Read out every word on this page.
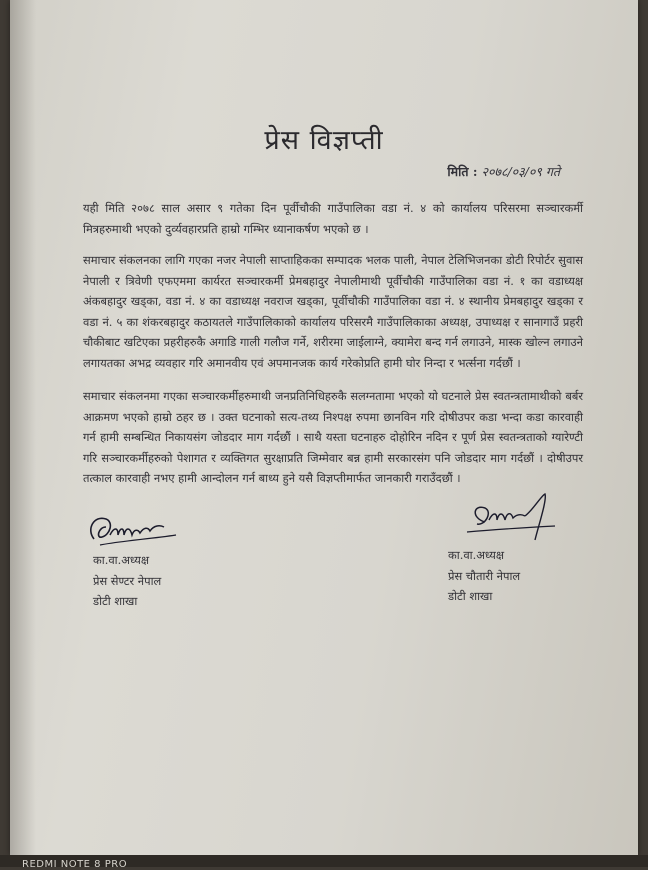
प्रेस विज्ञप्ती
मिति : २०७८/०३/०९ गते

यही मिति २०७८ साल असार ९ गतेका दिन पूर्वीचौकी गाउँपालिका वडा नं. ४ को कार्यालय परिसरमा सञ्चारकर्मी मित्रहरुमाथी भएको दुर्व्यवहारप्रति हाम्रो गम्भिर ध्यानाकर्षण भएको छ ।

समाचार संकलनका लागि गएका नजर नेपाली साप्ताहिकका सम्पादक भलक पाली, नेपाल टेलिभिजनका डोटी रिपोर्टर सुवास नेपाली र त्रिवेणी एफएममा कार्यरत सञ्चारकर्मी प्रेमबहादुर नेपालीमाथी पूर्वीचौकी गाउँपालिका वडा नं. १ का वडाध्यक्ष अंकबहादुर खड्का, वडा नं. ४ का वडाध्यक्ष नवराज खड्का, पूर्वीचौकी गाउँपालिका वडा नं. ४ स्थानीय प्रेमबहादुर खड्का र वडा नं. ५ का शंकरबहादुर कठायतले गाउँपालिकाको कार्यालय परिसरमै गाउँपालिकाका अध्यक्ष, उपाध्यक्ष र सानागाउँ प्रहरी चौकीबाट खटिएका प्रहरीहरुकै अगाडि गाली गलौज गर्ने, शरीरमा जाईलाग्ने, क्यामेरा बन्द गर्न लगाउने, मास्क खोल्न लगाउने लगायतका अभद्र व्यवहार गरि अमानवीय एवं अपमानजक कार्य गरेकोप्रति हामी घोर निन्दा र भर्त्सना गर्दछौं ।

समाचार संकलनमा गएका सञ्चारकर्मीहरुमाथी जनप्रतिनिधिहरुकै सलग्नतामा भएको यो घटनाले प्रेस स्वतन्त्रतामाथीको बर्बर आक्रमण भएको हाम्रो ठहर छ । उक्त घटनाको सत्य-तथ्य निश्पक्ष रुपमा छानविन गरि दोषीउपर कडा भन्दा कडा कारवाही गर्न हामी सम्बन्धित निकायसंग जोडदार माग गर्दछौं । साथै यस्ता घटनाहरु दोहोरिन नदिन र पूर्ण प्रेस स्वतन्त्रताको ग्यारेण्टी गरि सञ्चारकर्मीहरुको पेशागत र व्यक्तिगत सुरक्षाप्रति जिम्मेवार बन्न हामी सरकारसंग पनि जोडदार माग गर्दछौं । दोषीउपर तत्काल कारवाही नभए हामी आन्दोलन गर्न बाध्य हुने यसै विज्ञप्तीमार्फत जानकारी गराउँदछौं ।

का.वा.अध्यक्ष
प्रेस सेण्टर नेपाल
डोटी शाखा
का.वा.अध्यक्ष
प्रेस चौतारी नेपाल
डोटी शाखा
REDMI NOTE 8 PRO
